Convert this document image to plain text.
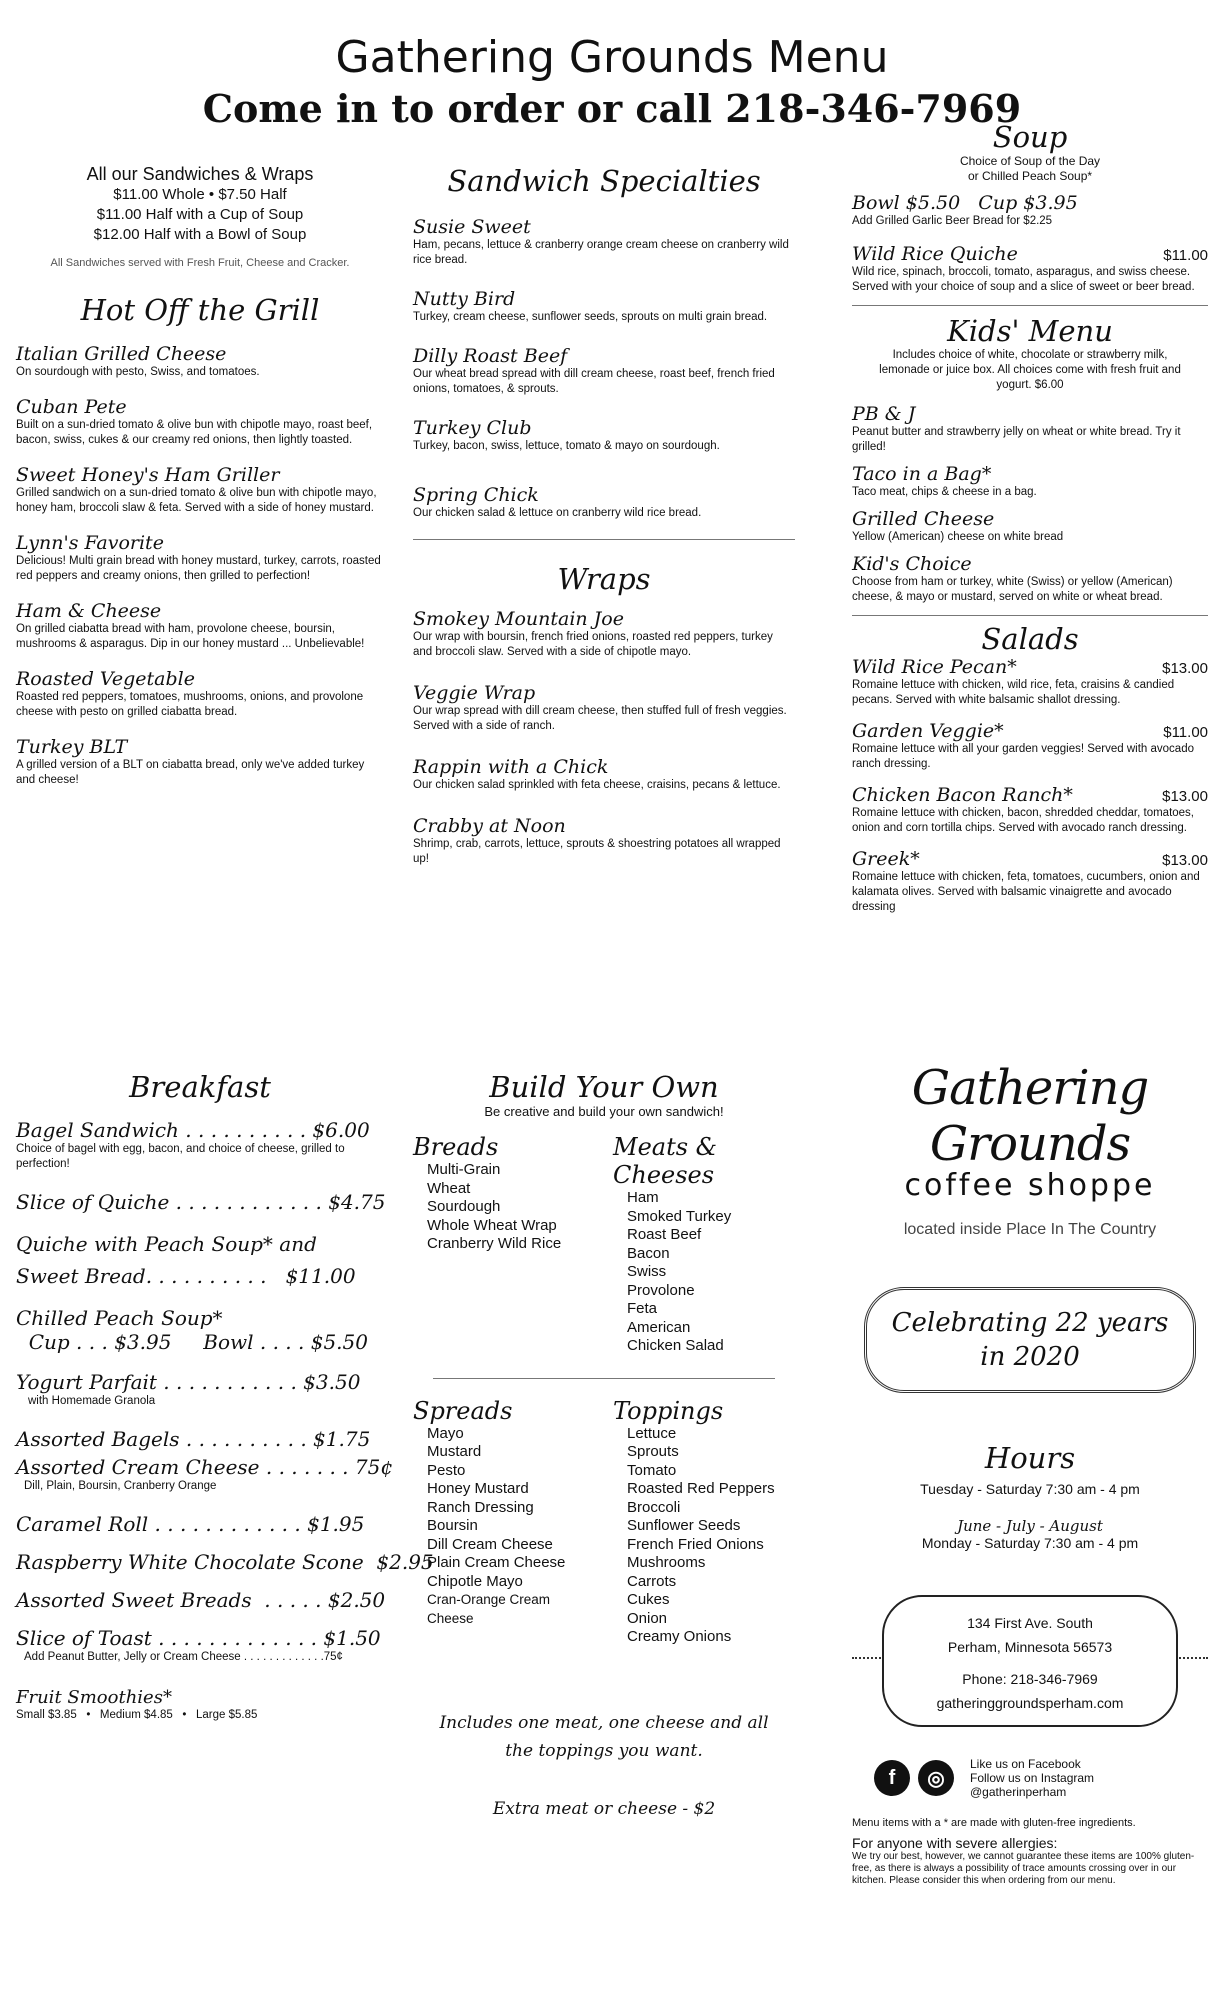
Gathering Grounds Menu
Come in to order or call 218-346-7969
All our Sandwiches & Wraps
$11.00 Whole • $7.50 Half
$11.00 Half with a Cup of Soup
$12.00 Half with a Bowl of Soup
All Sandwiches served with Fresh Fruit, Cheese and Cracker.
Hot Off the Grill
Italian Grilled Cheese
On sourdough with pesto, Swiss, and tomatoes.
Cuban Pete
Built on a sun-dried tomato & olive bun with chipotle mayo, roast beef, bacon, swiss, cukes & our creamy red onions, then lightly toasted.
Sweet Honey's Ham Griller
Grilled sandwich on a sun-dried tomato & olive bun with chipotle mayo, honey ham, broccoli slaw & feta. Served with a side of honey mustard.
Lynn's Favorite
Delicious! Multi grain bread with honey mustard, turkey, carrots, roasted red peppers and creamy onions, then grilled to perfection!
Ham & Cheese
On grilled ciabatta bread with ham, provolone cheese, boursin, mushrooms & asparagus. Dip in our honey mustard ... Unbelievable!
Roasted Vegetable
Roasted red peppers, tomatoes, mushrooms, onions, and provolone cheese with pesto on grilled ciabatta bread.
Turkey BLT
A grilled version of a BLT on ciabatta bread, only we've added turkey and cheese!
Sandwich Specialties
Susie Sweet
Ham, pecans, lettuce & cranberry orange cream cheese on cranberry wild rice bread.
Nutty Bird
Turkey, cream cheese, sunflower seeds, sprouts on multi grain bread.
Dilly Roast Beef
Our wheat bread spread with dill cream cheese, roast beef, french fried onions, tomatoes, & sprouts.
Turkey Club
Turkey, bacon, swiss, lettuce, tomato & mayo on sourdough.
Spring Chick
Our chicken salad & lettuce on cranberry wild rice bread.
Wraps
Smokey Mountain Joe
Our wrap with boursin, french fried onions, roasted red peppers, turkey and broccoli slaw. Served with a side of chipotle mayo.
Veggie Wrap
Our wrap spread with dill cream cheese, then stuffed full of fresh veggies. Served with a side of ranch.
Rappin with a Chick
Our chicken salad sprinkled with feta cheese, craisins, pecans & lettuce.
Crabby at Noon
Shrimp, crab, carrots, lettuce, sprouts & shoestring potatoes all wrapped up!
Soup
Choice of Soup of the Day
or Chilled Peach Soup*
Bowl $5.50   Cup $3.95
Add Grilled Garlic Beer Bread for $2.25
Wild Rice Quiche	$11.00
Wild rice, spinach, broccoli, tomato, asparagus, and swiss cheese. Served with your choice of soup and a slice of sweet or beer bread.
Kids' Menu
Includes choice of white, chocolate or strawberry milk, lemonade or juice box. All choices come with fresh fruit and yogurt. $6.00
PB & J
Peanut butter and strawberry jelly on wheat or white bread. Try it grilled!
Taco in a Bag*
Taco meat, chips & cheese in a bag.
Grilled Cheese
Yellow (American) cheese on white bread
Kid's Choice
Choose from ham or turkey, white (Swiss) or yellow (American) cheese, & mayo or mustard, served on white or wheat bread.
Salads
Wild Rice Pecan*	$13.00
Romaine lettuce with chicken, wild rice, feta, craisins & candied pecans. Served with white balsamic shallot dressing.
Garden Veggie*	$11.00
Romaine lettuce with all your garden veggies! Served with avocado ranch dressing.
Chicken Bacon Ranch*	$13.00
Romaine lettuce with chicken, bacon, shredded cheddar, tomatoes, onion and corn tortilla chips. Served with avocado ranch dressing.
Greek*	$13.00
Romaine lettuce with chicken, feta, tomatoes, cucumbers, onion and kalamata olives. Served with balsamic vinaigrette and avocado dressing
Breakfast
Bagel Sandwich . . . . . . . . . . $6.00
Choice of bagel with egg, bacon, and choice of cheese, grilled to perfection!
Slice of Quiche . . . . . . . . . . . . $4.75
Quiche with Peach Soup* and
Sweet Bread. . . . . . . . . .   $11.00
Chilled Peach Soup*
Cup . . . $3.95     Bowl . . . . $5.50
Yogurt Parfait . . . . . . . . . . . $3.50
with Homemade Granola
Assorted Bagels . . . . . . . . . . $1.75
Assorted Cream Cheese . . . . . . . 75¢
Dill, Plain, Boursin, Cranberry Orange
Caramel Roll . . . . . . . . . . . . $1.95
Raspberry White Chocolate Scone  $2.95
Assorted Sweet Breads  . . . . . $2.50
Slice of Toast . . . . . . . . . . . . . $1.50
Add Peanut Butter, Jelly or Cream Cheese . . . . . . . . . . . . .75¢
Fruit Smoothies*
Small $3.85   •   Medium $4.85   •   Large $5.85
Build Your Own
Be creative and build your own sandwich!
Breads
Multi-Grain
Wheat
Sourdough
Whole Wheat Wrap
Cranberry Wild Rice
Meats & Cheeses
Ham
Smoked Turkey
Roast Beef
Bacon
Swiss
Provolone
Feta
American
Chicken Salad
Spreads
Mayo
Mustard
Pesto
Honey Mustard
Ranch Dressing
Boursin
Dill Cream Cheese
Plain Cream Cheese
Chipotle Mayo
Cran-Orange Cream
Cheese
Toppings
Lettuce
Sprouts
Tomato
Roasted Red Peppers
Broccoli
Sunflower Seeds
French Fried Onions
Mushrooms
Carrots
Cukes
Onion
Creamy Onions
Includes one meat, one cheese and all
the toppings you want.
Extra meat or cheese - $2
Gathering Grounds
coffee shoppe
located inside Place In The Country
Celebrating 22 years
in 2020
Hours
Tuesday - Saturday 7:30 am - 4 pm
June - July - August
Monday - Saturday 7:30 am - 4 pm
134 First Ave. South
Perham, Minnesota 56573
Phone: 218-346-7969
gatheringgroundsperham.com
f	◎
Like us on Facebook
Follow us on Instagram
@gatherinperham
Menu items with a * are made with gluten-free ingredients.
For anyone with severe allergies:
We try our best, however, we cannot guarantee these items are 100% gluten-free, as there is always a possibility of trace amounts crossing over in our kitchen. Please consider this when ordering from our menu.
